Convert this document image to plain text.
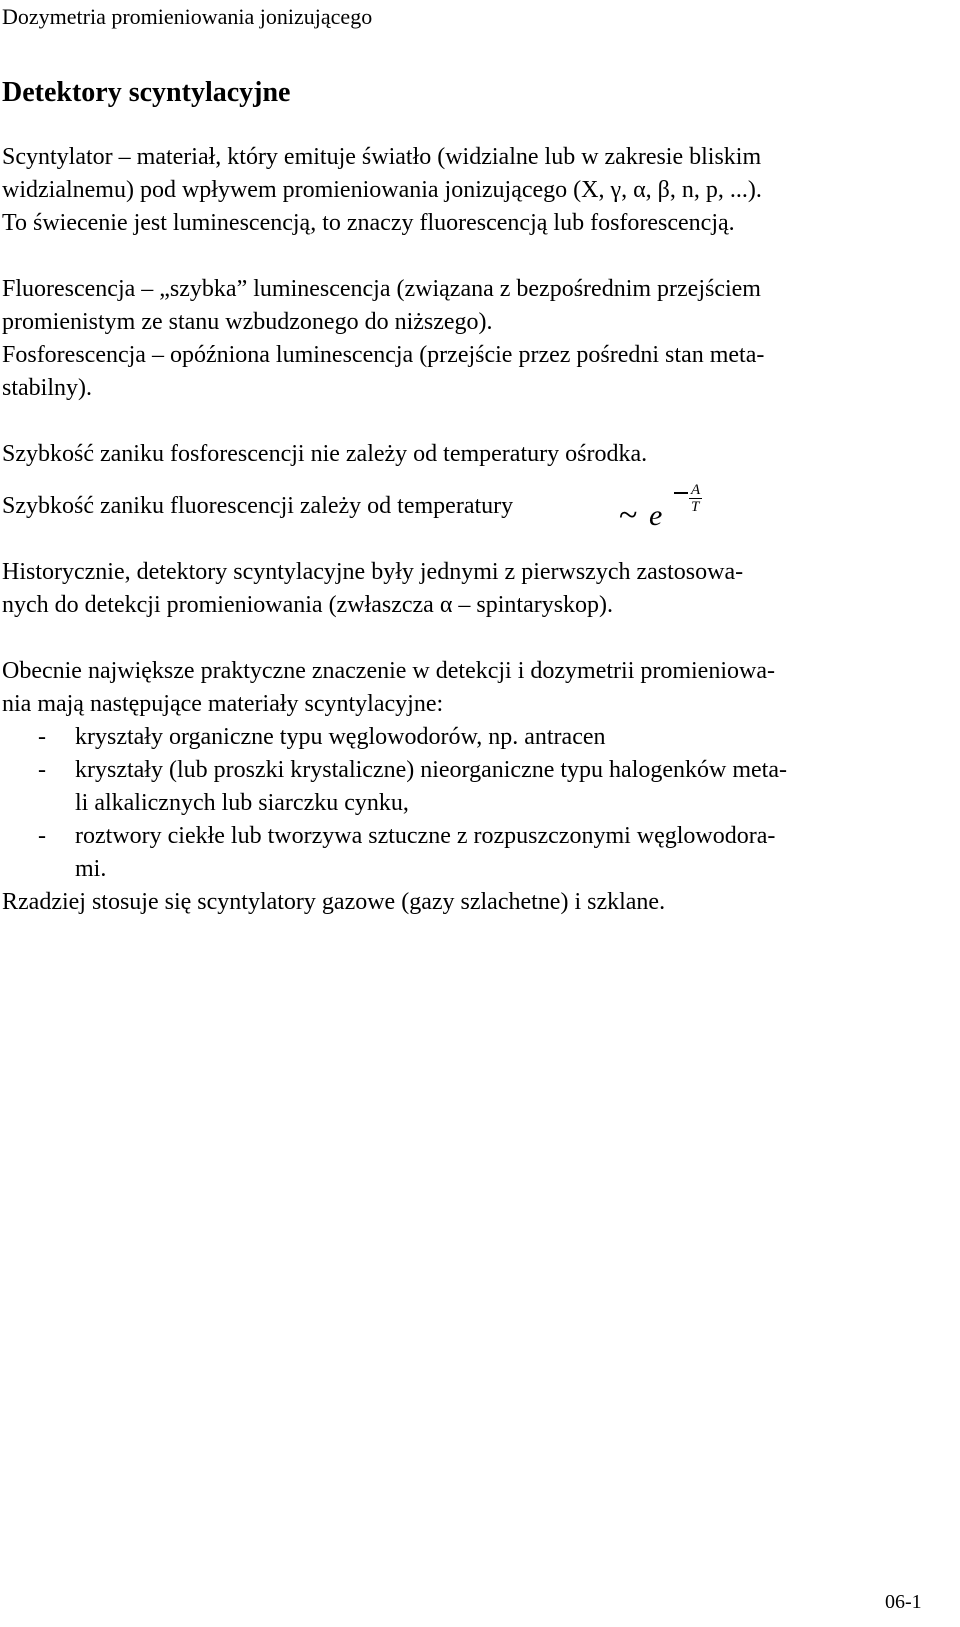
Dozymetria promieniowania jonizującego
Detektory scyntylacyjne
Scyntylator – materiał, który emituje światło (widzialne lub w zakresie bliskim
widzialnemu) pod wpływem promieniowania jonizującego (X, γ, α, β, n, p, ...).
To świecenie jest luminescencją, to znaczy fluorescencją lub fosforescencją.
Fluorescencja – „szybka” luminescencja (związana z bezpośrednim przejściem
promienistym ze stanu wzbudzonego do niższego).
Fosforescencja – opóźniona luminescencja (przejście przez pośredni stan meta-
stabilny).
Szybkość zaniku fosforescencji nie zależy od temperatury ośrodka.
Szybkość zaniku fluorescencji zależy od temperatury	~ e
A
T
Historycznie, detektory scyntylacyjne były jednymi z pierwszych zastosowa-
nych do detekcji promieniowania (zwłaszcza α – spintaryskop).
Obecnie największe praktyczne znaczenie w detekcji i dozymetrii promieniowa-
nia mają następujące materiały scyntylacyjne:
- kryształy organiczne typu węglowodorów, np. antracen
- kryształy (lub proszki krystaliczne) nieorganiczne typu halogenków meta-
li alkalicznych lub siarczku cynku,
- roztwory ciekłe lub tworzywa sztuczne z rozpuszczonymi węglowodora-
mi.
Rzadziej stosuje się scyntylatory gazowe (gazy szlachetne) i szklane.
06-1
